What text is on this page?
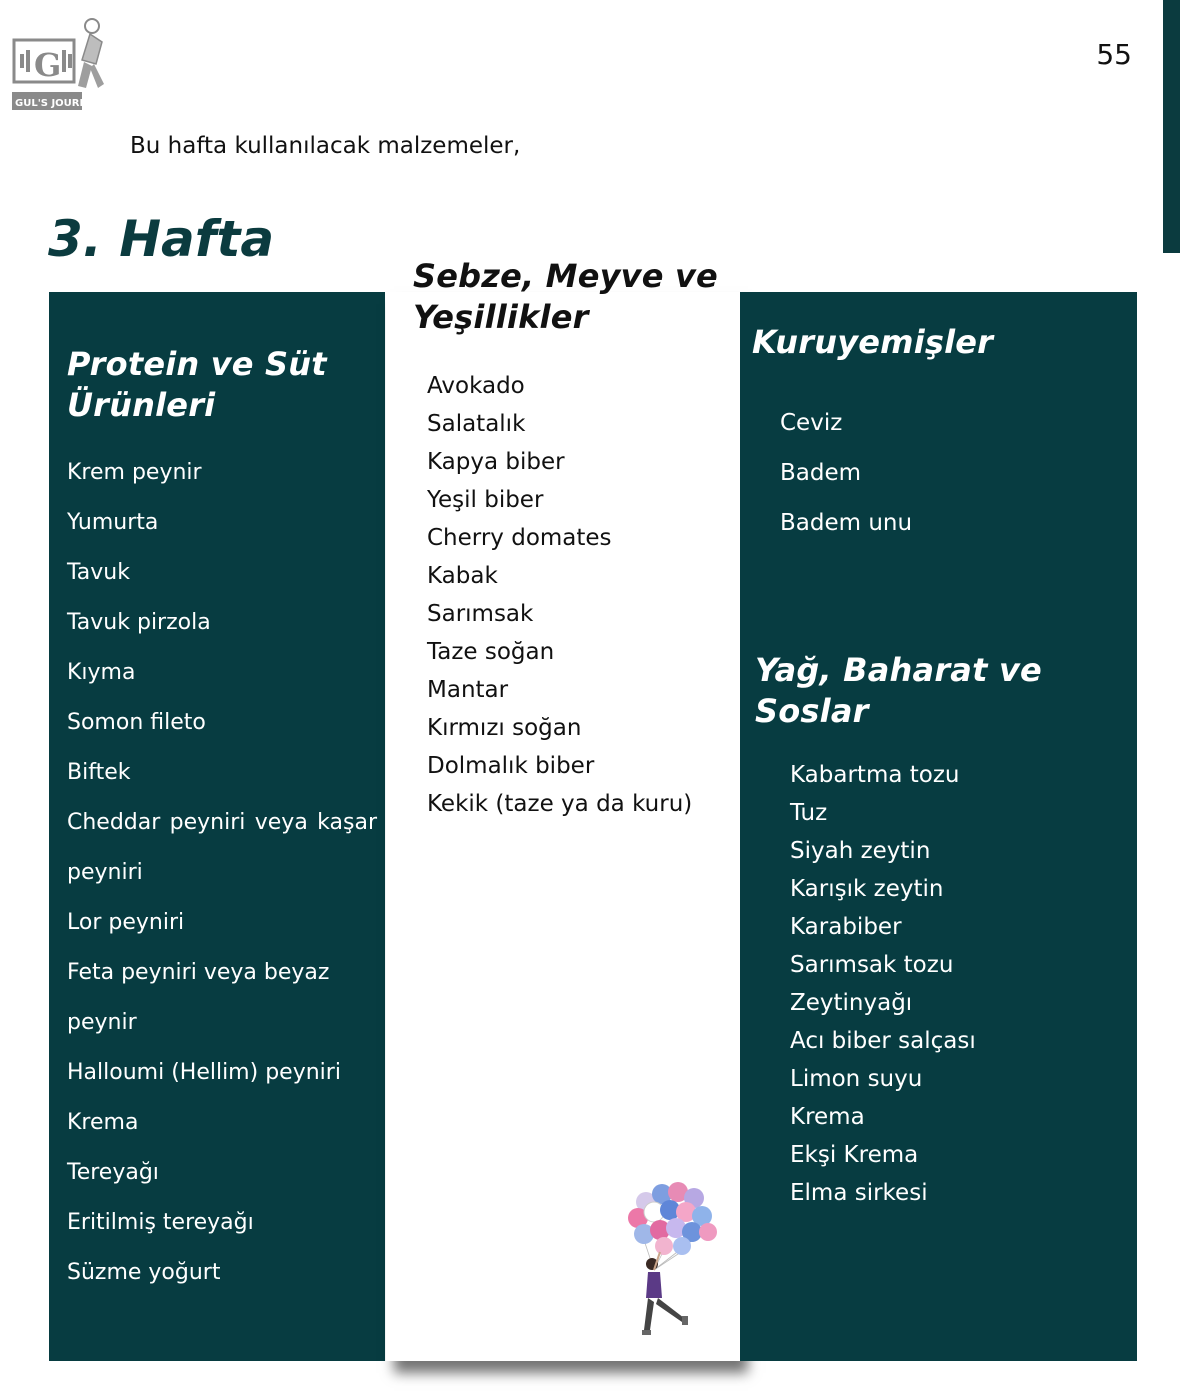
G
GUL'S JOURNEY
55
Bu hafta kullanılacak malzemeler,
3. Hafta
Protein ve Süt
Ürünleri
Krem peynir
Yumurta
Tavuk
Tavuk pirzola
Kıyma
Somon fileto
Biftek
Cheddar peyniri veya kaşar
peyniri
Lor peyniri
Feta peyniri veya beyaz peynir
Halloumi (Hellim) peyniri
Krema
Tereyağı
Eritilmiş tereyağı
Süzme yoğurt
Sebze, Meyve ve
Yeşillikler
Avokado
Salatalık
Kapya biber
Yeşil biber
Cherry domates
Kabak
Sarımsak
Taze soğan
Mantar
Kırmızı soğan
Dolmalık biber
Kekik (taze ya da kuru)
Kuruyemişler
Ceviz
Badem
Badem unu
Yağ, Baharat ve
Soslar
Kabartma tozu
Tuz
Siyah zeytin
Karışık zeytin
Karabiber
Sarımsak tozu
Zeytinyağı
Acı biber salçası
Limon suyu
Krema
Ekşi Krema
Elma sirkesi
